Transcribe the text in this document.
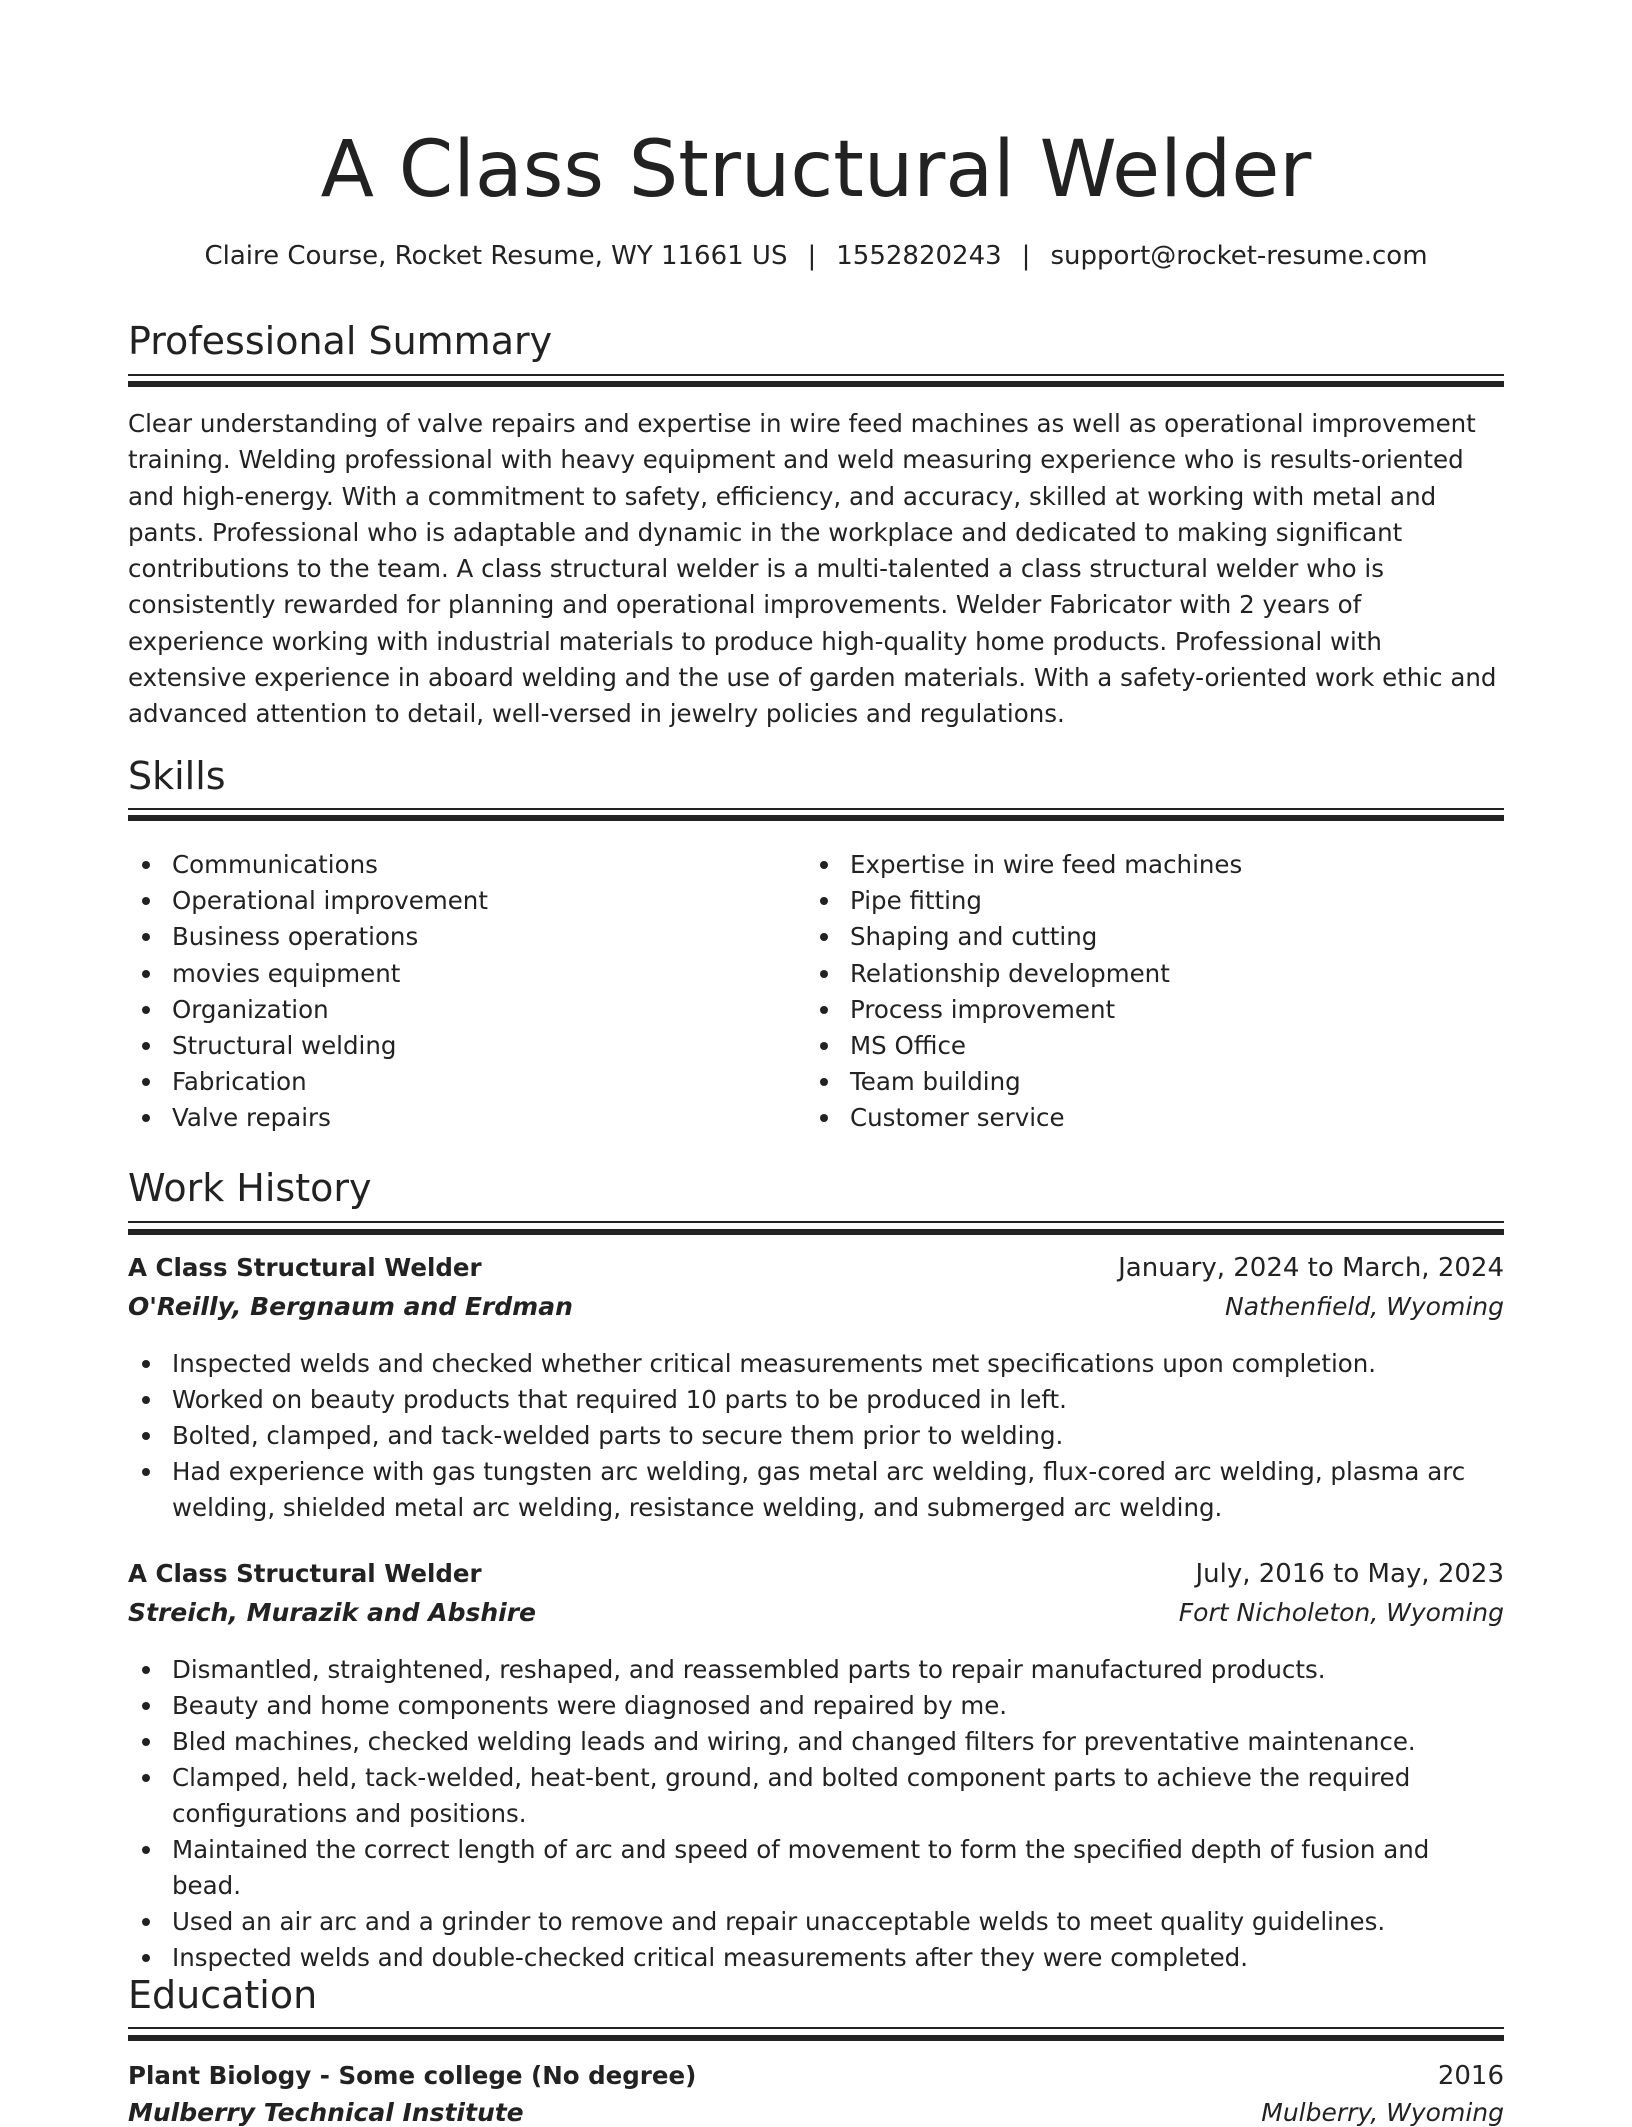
A Class Structural Welder
Claire Course, Rocket Resume, WY 11661 US | 1552820243 | support@rocket-resume.com
Professional Summary

Clear understanding of valve repairs and expertise in wire feed machines as well as operational improvement training. Welding professional with heavy equipment and weld measuring experience who is results-oriented and high-energy. With a commitment to safety, efficiency, and accuracy, skilled at working with metal and pants. Professional who is adaptable and dynamic in the workplace and dedicated to making significant contributions to the team. A class structural welder is a multi-talented a class structural welder who is consistently rewarded for planning and operational improvements. Welder Fabricator with 2 years of experience working with industrial materials to produce high-quality home products. Professional with extensive experience in aboard welding and the use of garden materials. With a safety-oriented work ethic and advanced attention to detail, well-versed in jewelry policies and regulations.

Skills
Communications
Operational improvement
Business operations
movies equipment
Organization
Structural welding
Fabrication
Valve repairs
Expertise in wire feed machines
Pipe fitting
Shaping and cutting
Relationship development
Process improvement
MS Office
Team building
Customer service
Work History
A Class Structural Welder	January, 2024 to March, 2024
O'Reilly, Bergnaum and Erdman	Nathenfield, Wyoming
Inspected welds and checked whether critical measurements met specifications upon completion.
Worked on beauty products that required 10 parts to be produced in left.
Bolted, clamped, and tack-welded parts to secure them prior to welding.
Had experience with gas tungsten arc welding, gas metal arc welding, flux-cored arc welding, plasma arc welding, shielded metal arc welding, resistance welding, and submerged arc welding.
A Class Structural Welder	July, 2016 to May, 2023
Streich, Murazik and Abshire	Fort Nicholeton, Wyoming
Dismantled, straightened, reshaped, and reassembled parts to repair manufactured products.
Beauty and home components were diagnosed and repaired by me.
Bled machines, checked welding leads and wiring, and changed filters for preventative maintenance.
Clamped, held, tack-welded, heat-bent, ground, and bolted component parts to achieve the required configurations and positions.
Maintained the correct length of arc and speed of movement to form the specified depth of fusion and bead.
Used an air arc and a grinder to remove and repair unacceptable welds to meet quality guidelines.
Inspected welds and double-checked critical measurements after they were completed.
Education
Plant Biology - Some college (No degree)	2016
Mulberry Technical Institute	Mulberry, Wyoming
